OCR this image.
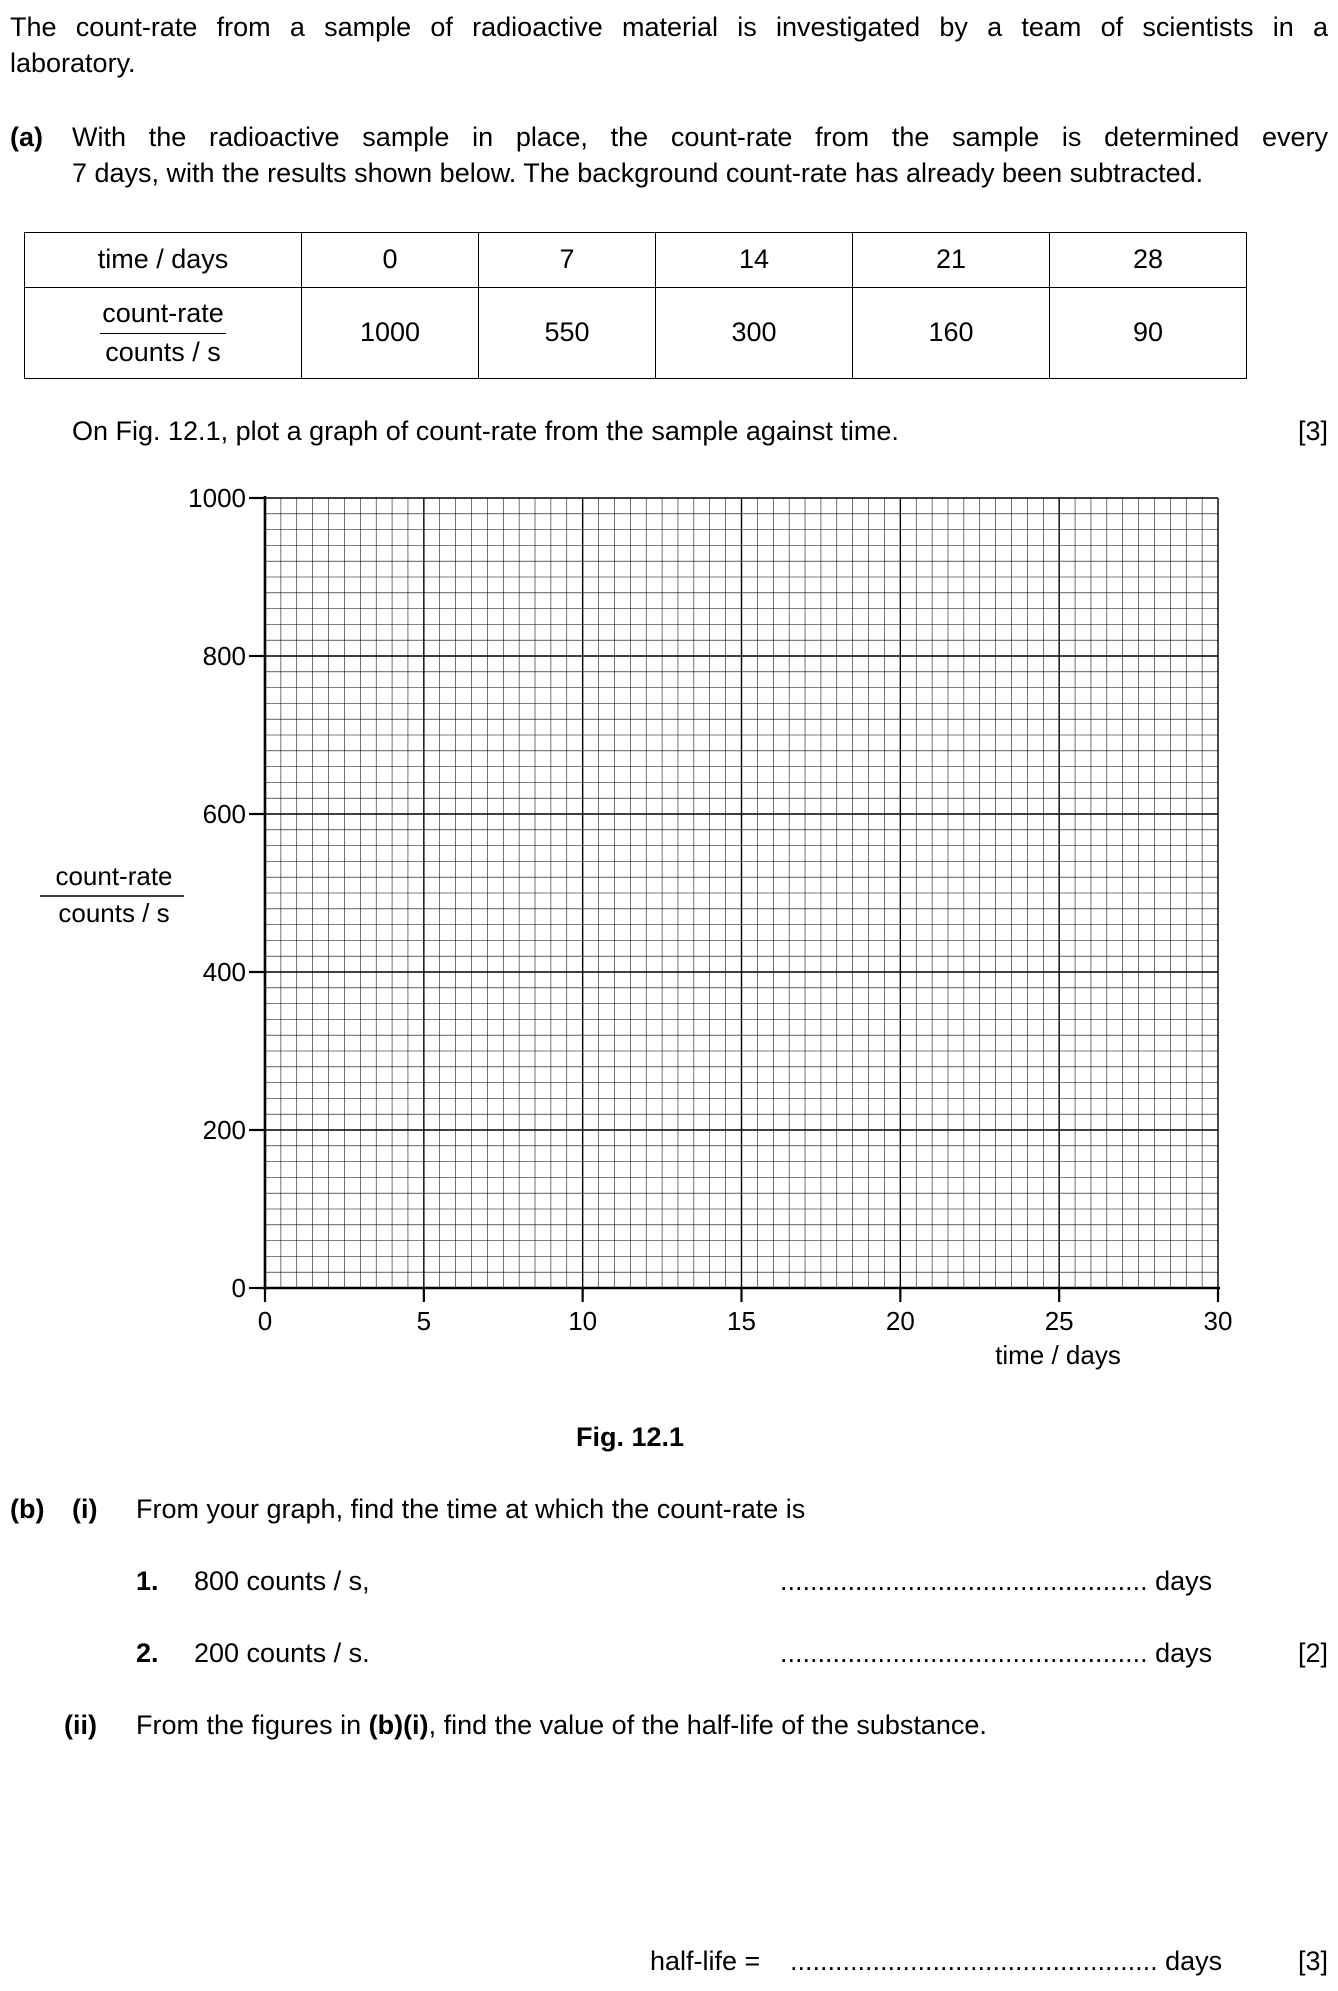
The count-rate from a sample of radioactive material is investigated by a team of scientists in a
laboratory.
(a) With the radioactive sample in place, the count-rate from the sample is determined every
7 days, with the results shown below. The background count-rate has already been subtracted.
time / days	0	7	14	21	28

$\frac{\text{count-rate}}{\text{counts / s}}$	1000	550	300	160	90
On Fig. 12.1, plot a graph of count-rate from the sample against time.	[3]
0
200
400
600
800
1000
0	5	10	15	20	25	30
count-rate
counts / s
time / days
Fig. 12.1
(b) (i) From your graph, find the time at which the count-rate is
1. 800 counts / s,	................................................. days
2. 200 counts / s.	................................................. days	[2]
(ii) From the figures in (b)(i), find the value of the half-life of the substance.
half-life = ................................................. days	[3]
